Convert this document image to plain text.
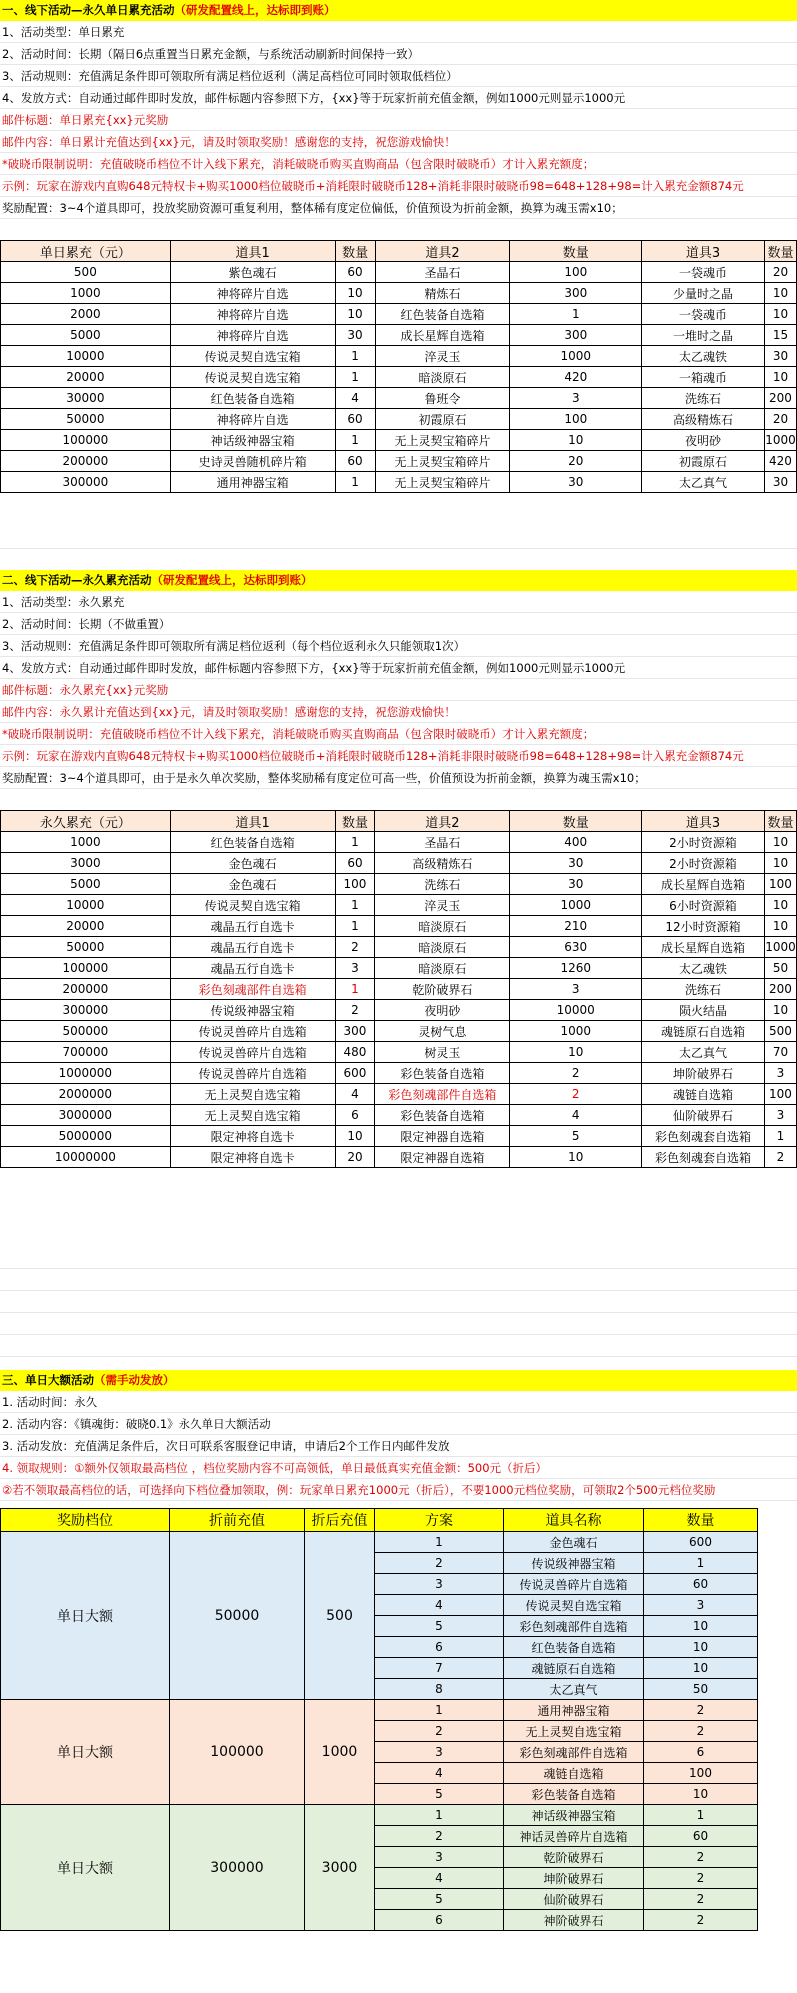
一、线下活动—永久单日累充活动（研发配置线上，达标即到账）
1、活动类型：单日累充
2、活动时间：长期（隔日6点重置当日累充金额，与系统活动刷新时间保持一致）
3、活动规则：充值满足条件即可领取所有满足档位返利（满足高档位可同时领取低档位）
4、发放方式：自动通过邮件即时发放，邮件标题内容参照下方，{xx}等于玩家折前充值金额，例如1000元则显示1000元
邮件标题：单日累充{xx}元奖励
邮件内容：单日累计充值达到{xx}元，请及时领取奖励！感谢您的支持，祝您游戏愉快！
*破晓币限制说明：充值破晓币档位不计入线下累充，消耗破晓币购买直购商品（包含限时破晓币）才计入累充额度；
示例：玩家在游戏内直购648元特权卡+购买1000档位破晓币+消耗限时破晓币128+消耗非限时破晓币98=648+128+98=计入累充金额874元
奖励配置：3~4个道具即可，投放奖励资源可重复利用，整体稀有度定位偏低，价值预设为折前金额，换算为魂玉需x10；
单日累充（元）	道具1	数量	道具2	数量	道具3	数量
500	紫色魂石	60	圣晶石	100	一袋魂币	20
1000	神将碎片自选	10	精炼石	300	少量时之晶	10
2000	神将碎片自选	10	红色装备自选箱	1	一袋魂币	10
5000	神将碎片自选	30	成长星辉自选箱	300	一堆时之晶	15
10000	传说灵契自选宝箱	1	淬灵玉	1000	太乙魂铁	30
20000	传说灵契自选宝箱	1	暗淡原石	420	一箱魂币	10
30000	红色装备自选箱	4	鲁班令	3	洗练石	200
50000	神将碎片自选	60	初霞原石	100	高级精炼石	20
100000	神话级神器宝箱	1	无上灵契宝箱碎片	10	夜明砂	1000
200000	史诗灵兽随机碎片箱	60	无上灵契宝箱碎片	20	初霞原石	420
300000	通用神器宝箱	1	无上灵契宝箱碎片	30	太乙真气	30
二、线下活动—永久累充活动（研发配置线上，达标即到账）
1、活动类型：永久累充
2、活动时间：长期（不做重置）
3、活动规则：充值满足条件即可领取所有满足档位返利（每个档位返利永久只能领取1次）
4、发放方式：自动通过邮件即时发放，邮件标题内容参照下方，{xx}等于玩家折前充值金额，例如1000元则显示1000元
邮件标题：永久累充{xx}元奖励
邮件内容：永久累计充值达到{xx}元，请及时领取奖励！感谢您的支持，祝您游戏愉快！
*破晓币限制说明：充值破晓币档位不计入线下累充，消耗破晓币购买直购商品（包含限时破晓币）才计入累充额度；
示例：玩家在游戏内直购648元特权卡+购买1000档位破晓币+消耗限时破晓币128+消耗非限时破晓币98=648+128+98=计入累充金额874元
奖励配置：3~4个道具即可，由于是永久单次奖励，整体奖励稀有度定位可高一些，价值预设为折前金额，换算为魂玉需x10；
永久累充（元）	道具1	数量	道具2	数量	道具3	数量
1000	红色装备自选箱	1	圣晶石	400	2小时资源箱	10
3000	金色魂石	60	高级精炼石	30	2小时资源箱	10
5000	金色魂石	100	洗练石	30	成长星辉自选箱	100
10000	传说灵契自选宝箱	1	淬灵玉	1000	6小时资源箱	10
20000	魂晶五行自选卡	1	暗淡原石	210	12小时资源箱	10
50000	魂晶五行自选卡	2	暗淡原石	630	成长星辉自选箱	1000
100000	魂晶五行自选卡	3	暗淡原石	1260	太乙魂铁	50
200000	彩色刻魂部件自选箱	1	乾阶破界石	3	洗练石	200
300000	传说级神器宝箱	2	夜明砂	10000	陨火结晶	10
500000	传说灵兽碎片自选箱	300	灵树气息	1000	魂链原石自选箱	500
700000	传说灵兽碎片自选箱	480	树灵玉	10	太乙真气	70
1000000	传说灵兽碎片自选箱	600	彩色装备自选箱	2	坤阶破界石	3
2000000	无上灵契自选宝箱	4	彩色刻魂部件自选箱	2	魂链自选箱	100
3000000	无上灵契自选宝箱	6	彩色装备自选箱	4	仙阶破界石	3
5000000	限定神将自选卡	10	限定神器自选箱	5	彩色刻魂套自选箱	1
10000000	限定神将自选卡	20	限定神器自选箱	10	彩色刻魂套自选箱	2
三、单日大额活动（需手动发放）
1. 活动时间：永久
2. 活动内容：《镇魂街：破晓0.1》永久单日大额活动
3. 活动发放：充值满足条件后，次日可联系客服登记申请，申请后2个工作日内邮件发放
4. 领取规则：①额外仅领取最高档位 ，档位奖励内容不可高领低，单日最低真实充值金额：500元（折后）
②若不领取最高档位的话，可选择向下档位叠加领取，例：玩家单日累充1000元（折后），不要1000元档位奖励，可领取2个500元档位奖励
奖励档位	折前充值	折后充值	方案	道具名称	数量
单日大额	50000	500	1	金色魂石	600
			2	传说级神器宝箱	1
			3	传说灵兽碎片自选箱	60
			4	传说灵契自选宝箱	3
			5	彩色刻魂部件自选箱	10
			6	红色装备自选箱	10
			7	魂链原石自选箱	10
			8	太乙真气	50
单日大额	100000	1000	1	通用神器宝箱	2
			2	无上灵契自选宝箱	2
			3	彩色刻魂部件自选箱	6
			4	魂链自选箱	100
			5	彩色装备自选箱	10
单日大额	300000	3000	1	神话级神器宝箱	1
			2	神话灵兽碎片自选箱	60
			3	乾阶破界石	2
			4	坤阶破界石	2
			5	仙阶破界石	2
			6	神阶破界石	2
